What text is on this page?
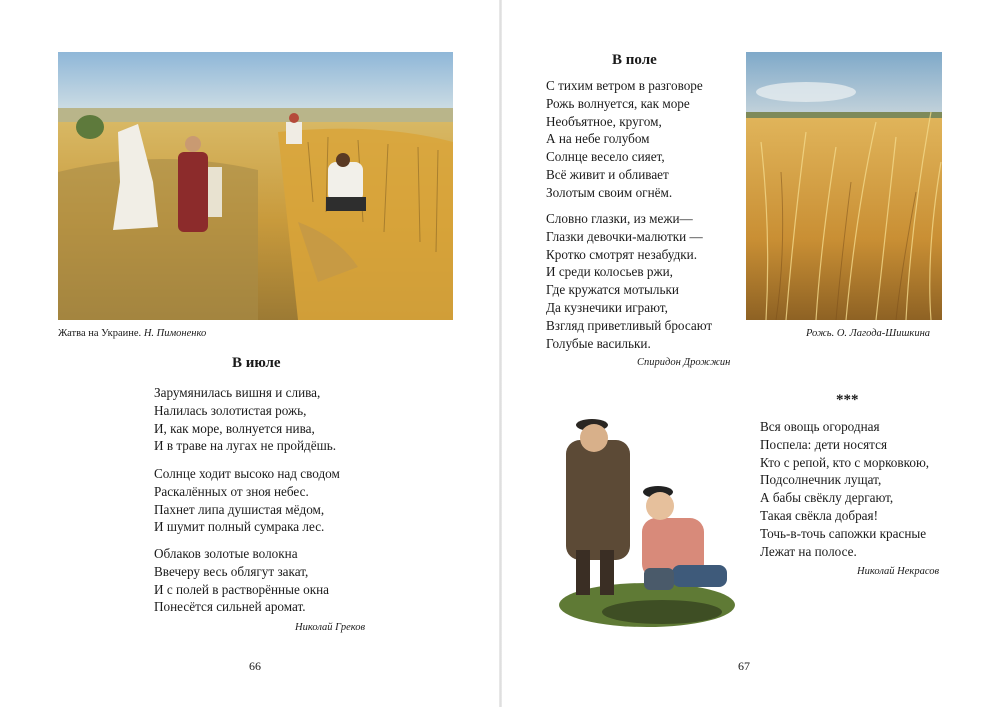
Жатва на Украине. Н. Пимоненко
В июле
Зарумянилась вишня и слива,
Налилась золотистая рожь,
И, как море, волнуется нива,
И в траве на лугах не пройдёшь.
Солнце ходит высоко над сводом
Раскалённых от зноя небес.
Пахнет липа душистая мёдом,
И шумит полный сумрака лес.
Облаков золотые волокна
Ввечеру весь облягут закат,
И с полей в растворённые окна
Понесётся сильней аромат.
Николай Греков
66
В поле
С тихим ветром в разговоре
Рожь волнуется, как море
Необъятное, кругом,
А на небе голубом
Солнце весело сияет,
Всё живит и обливает
Золотым своим огнём.
Словно глазки, из межи—
Глазки девочки-малютки —
Кротко смотрят незабудки.
И среди колосьев ржи,
Где кружатся мотыльки
Да кузнечики играют,
Взгляд приветливый бросают
Голубые васильки.
Спиридон Дрожжин
Рожь. О. Лагода-Шишкина
***
Вся овощь огородная
Поспела: дети носятся
Кто с репой, кто с морковкою,
Подсолнечник лущат,
А бабы свёклу дергают,
Такая свёкла добрая!
Точь-в-точь сапожки красные
Лежат на полосе.
Николай Некрасов
67
